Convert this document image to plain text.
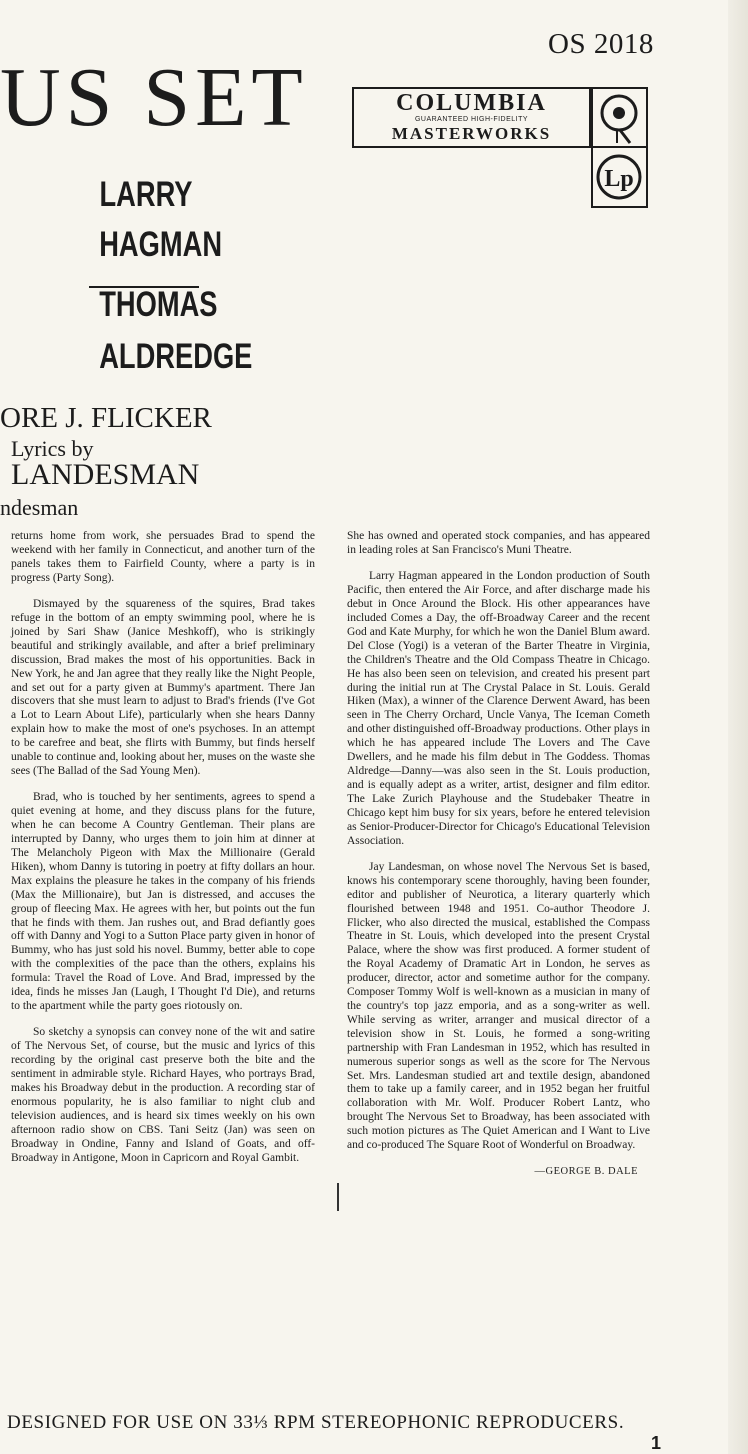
OS 2018
US SET
LARRY
HAGMAN
THOMAS
ALDREDGE
ORE J. FLICKER
Lyrics by
LANDESMAN
ndesman
COLUMBIA
GUARANTEED HIGH-FIDELITY
MASTERWORKS
Lp

returns home from work, she persuades Brad to spend the weekend with her family in Connecticut, and another turn of the panels takes them to Fairfield County, where a party is in progress (Party Song).

Dismayed by the squareness of the squires, Brad takes refuge in the bottom of an empty swimming pool, where he is joined by Sari Shaw (Janice Meshkoff), who is strikingly beautiful and strikingly available, and after a brief preliminary discussion, Brad makes the most of his opportunities. Back in New York, he and Jan agree that they really like the Night People, and set out for a party given at Bummy's apartment. There Jan discovers that she must learn to adjust to Brad's friends (I've Got a Lot to Learn About Life), particularly when she hears Danny explain how to make the most of one's psychoses. In an attempt to be carefree and beat, she flirts with Bummy, but finds herself unable to continue and, looking about her, muses on the waste she sees (The Ballad of the Sad Young Men).

Brad, who is touched by her sentiments, agrees to spend a quiet evening at home, and they discuss plans for the future, when he can become A Country Gentleman. Their plans are interrupted by Danny, who urges them to join him at dinner at The Melancholy Pigeon with Max the Millionaire (Gerald Hiken), whom Danny is tutoring in poetry at fifty dollars an hour. Max explains the pleasure he takes in the company of his friends (Max the Millionaire), but Jan is distressed, and accuses the group of fleecing Max. He agrees with her, but points out the fun that he finds with them. Jan rushes out, and Brad defiantly goes off with Danny and Yogi to a Sutton Place party given in honor of Bummy, who has just sold his novel. Bummy, better able to cope with the complexities of the pace than the others, explains his formula: Travel the Road of Love. And Brad, impressed by the idea, finds he misses Jan (Laugh, I Thought I'd Die), and returns to the apartment while the party goes riotously on.

So sketchy a synopsis can convey none of the wit and satire of The Nervous Set, of course, but the music and lyrics of this recording by the original cast preserve both the bite and the sentiment in admirable style. Richard Hayes, who portrays Brad, makes his Broadway debut in the production. A recording star of enormous popularity, he is also familiar to night club and television audiences, and is heard six times weekly on his own afternoon radio show on CBS. Tani Seitz (Jan) was seen on Broadway in Ondine, Fanny and Island of Goats, and off-Broadway in Antigone, Moon in Capricorn and Royal Gambit.

She has owned and operated stock companies, and has appeared in leading roles at San Francisco's Muni Theatre.

Larry Hagman appeared in the London production of South Pacific, then entered the Air Force, and after discharge made his debut in Once Around the Block. His other appearances have included Comes a Day, the off-Broadway Career and the recent God and Kate Murphy, for which he won the Daniel Blum award. Del Close (Yogi) is a veteran of the Barter Theatre in Virginia, the Children's Theatre and the Old Compass Theatre in Chicago. He has also been seen on television, and created his present part during the initial run at The Crystal Palace in St. Louis. Gerald Hiken (Max), a winner of the Clarence Derwent Award, has been seen in The Cherry Orchard, Uncle Vanya, The Iceman Cometh and other distinguished off-Broadway productions. Other plays in which he has appeared include The Lovers and The Cave Dwellers, and he made his film debut in The Goddess. Thomas Aldredge—Danny—was also seen in the St. Louis production, and is equally adept as a writer, artist, designer and film editor. The Lake Zurich Playhouse and the Studebaker Theatre in Chicago kept him busy for six years, before he entered television as Senior-Producer-Director for Chicago's Educational Television Association.

Jay Landesman, on whose novel The Nervous Set is based, knows his contemporary scene thoroughly, having been founder, editor and publisher of Neurotica, a literary quarterly which flourished between 1948 and 1951. Co-author Theodore J. Flicker, who also directed the musical, established the Compass Theatre in St. Louis, which developed into the present Crystal Palace, where the show was first produced. A former student of the Royal Academy of Dramatic Art in London, he serves as producer, director, actor and sometime author for the company. Composer Tommy Wolf is well-known as a musician in many of the country's top jazz emporia, and as a song-writer as well. While serving as writer, arranger and musical director of a television show in St. Louis, he formed a song-writing partnership with Fran Landesman in 1952, which has resulted in numerous superior songs as well as the score for The Nervous Set. Mrs. Landesman studied art and textile design, abandoned them to take up a family career, and in 1952 began her fruitful collaboration with Mr. Wolf. Producer Robert Lantz, who brought The Nervous Set to Broadway, has been associated with such motion pictures as The Quiet American and I Want to Live and co-produced The Square Root of Wonderful on Broadway.

—GEORGE B. DALE
DESIGNED FOR USE ON 33⅓ RPM STEREOPHONIC REPRODUCERS.
1
